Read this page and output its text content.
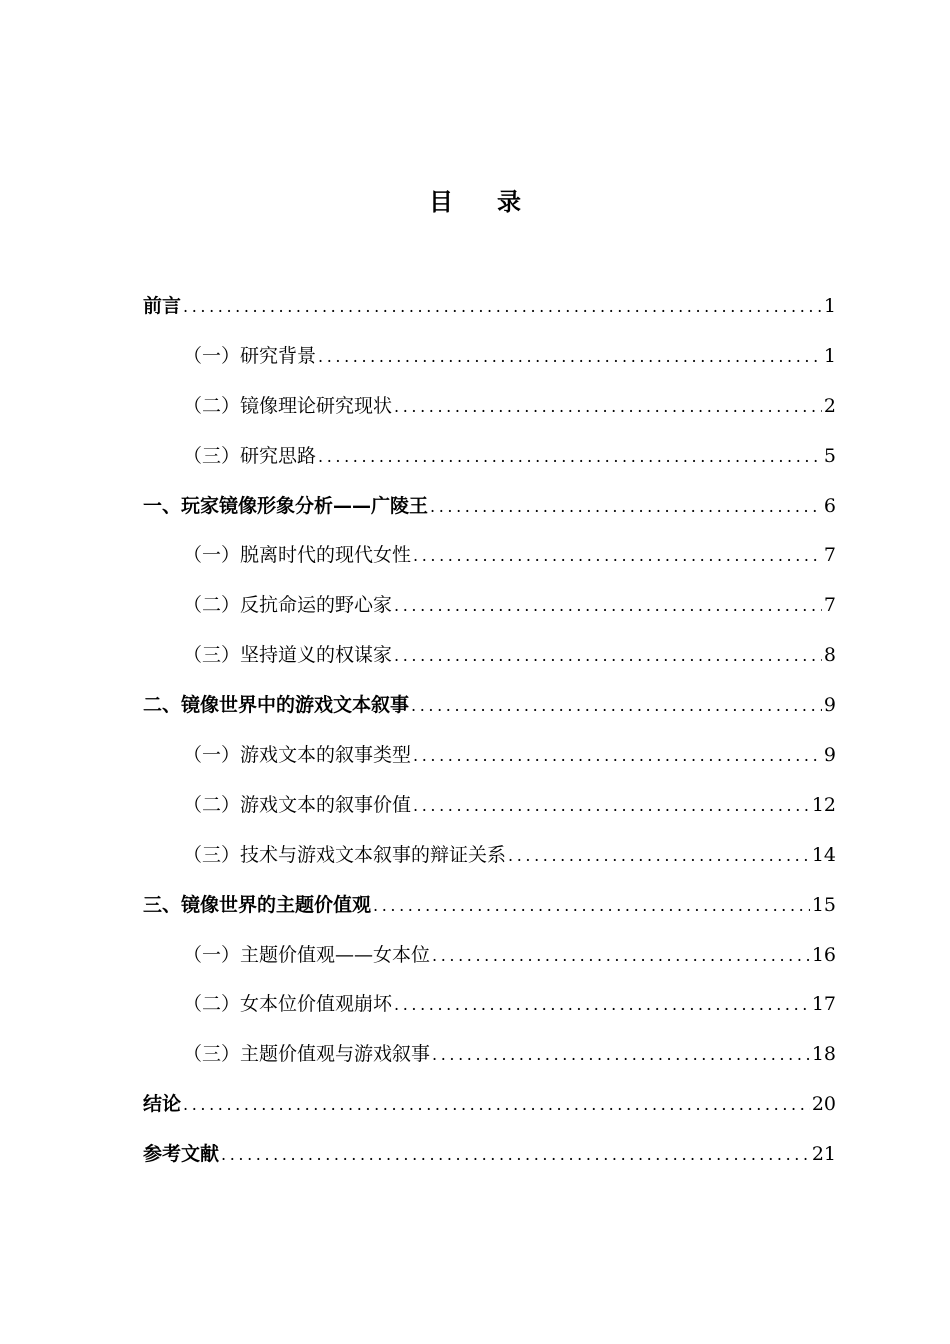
目录
前言 .....	1
（一）研究背景 .....	1
（二）镜像理论研究现状 .....	2
（三）研究思路 .....	5
一、玩家镜像形象分析——广陵王 .....	6
（一）脱离时代的现代女性 .....	7
（二）反抗命运的野心家 .....	7
（三）坚持道义的权谋家 .....	8
二、镜像世界中的游戏文本叙事 .....	9
（一）游戏文本的叙事类型 .....	9
（二）游戏文本的叙事价值 .....	12
（三）技术与游戏文本叙事的辩证关系 .....	14
三、镜像世界的主题价值观 .....	15
（一）主题价值观——女本位 .....	16
（二）女本位价值观崩坏 .....	17
（三）主题价值观与游戏叙事 .....	18
结论 .....	20
参考文献 .....	21
